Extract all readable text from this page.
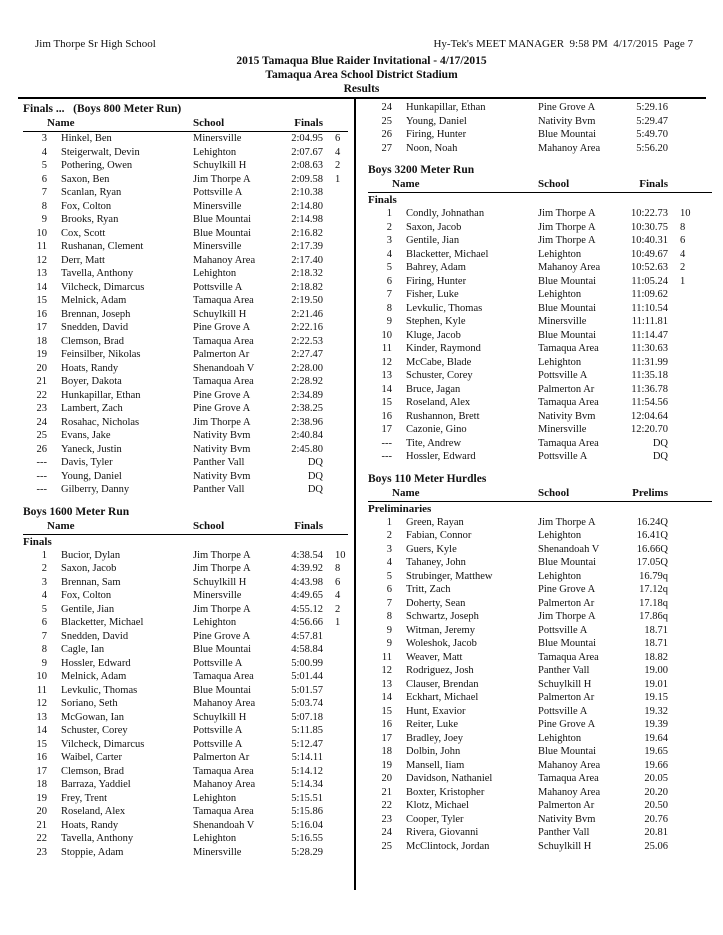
Jim Thorpe Sr High School	Hy-Tek's MEET MANAGER  9:58 PM  4/17/2015  Page 7
2015 Tamaqua Blue Raider Invitational - 4/17/2015
Tamaqua Area School District Stadium
Results
Finals ...   (Boys 800 Meter Run)
Name	School	Finals
3 Hinkel, Ben	Minersville	2:04.95	6
4 Steigerwalt, Devin	Lehighton	2:07.67	4
5 Pothering, Owen	Schuylkill H	2:08.63	2
6 Saxon, Ben	Jim Thorpe A	2:09.58	1
7 Scanlan, Ryan	Pottsville A	2:10.38
8 Fox, Colton	Minersville	2:14.80
9 Brooks, Ryan	Blue Mountai	2:14.98
10 Cox, Scott	Blue Mountai	2:16.82
11 Rushanan, Clement	Minersville	2:17.39
12 Derr, Matt	Mahanoy Area	2:17.40
13 Tavella, Anthony	Lehighton	2:18.32
14 Vilcheck, Dimarcus	Pottsville A	2:18.82
15 Melnick, Adam	Tamaqua Area	2:19.50
16 Brennan, Joseph	Schuylkill H	2:21.46
17 Snedden, David	Pine Grove A	2:22.16
18 Clemson, Brad	Tamaqua Area	2:22.53
19 Feinsilber, Nikolas	Palmerton Ar	2:27.47
20 Hoats, Randy	Shenandoah V	2:28.00
21 Boyer, Dakota	Tamaqua Area	2:28.92
22 Hunkapillar, Ethan	Pine Grove A	2:34.89
23 Lambert, Zach	Pine Grove A	2:38.25
24 Rosahac, Nicholas	Jim Thorpe A	2:38.96
25 Evans, Jake	Nativity Bvm	2:40.84
26 Yaneck, Justin	Nativity Bvm	2:45.80
--- Davis, Tyler	Panther Vall	DQ
--- Young, Daniel	Nativity Bvm	DQ
--- Gilberry, Danny	Panther Vall	DQ
Boys 1600 Meter Run
Name	School	Finals
Finals
1 Bucior, Dylan	Jim Thorpe A	4:38.54	10
2 Saxon, Jacob	Jim Thorpe A	4:39.92	8
3 Brennan, Sam	Schuylkill H	4:43.98	6
4 Fox, Colton	Minersville	4:49.65	4
5 Gentile, Jian	Jim Thorpe A	4:55.12	2
6 Blacketter, Michael	Lehighton	4:56.66	1
7 Snedden, David	Pine Grove A	4:57.81
8 Cagle, Ian	Blue Mountai	4:58.84
9 Hossler, Edward	Pottsville A	5:00.99
10 Melnick, Adam	Tamaqua Area	5:01.44
11 Levkulic, Thomas	Blue Mountai	5:01.57
12 Soriano, Seth	Mahanoy Area	5:03.74
13 McGowan, Ian	Schuylkill H	5:07.18
14 Schuster, Corey	Pottsville A	5:11.85
15 Vilcheck, Dimarcus	Pottsville A	5:12.47
16 Waibel, Carter	Palmerton Ar	5:14.11
17 Clemson, Brad	Tamaqua Area	5:14.12
18 Barraza, Yaddiel	Mahanoy Area	5:14.34
19 Frey, Trent	Lehighton	5:15.51
20 Roseland, Alex	Tamaqua Area	5:15.86
21 Hoats, Randy	Shenandoah V	5:16.04
22 Tavella, Anthony	Lehighton	5:16.55
23 Stoppie, Adam	Minersville	5:28.29
24 Hunkapillar, Ethan	Pine Grove A	5:29.16
25 Young, Daniel	Nativity Bvm	5:29.47
26 Firing, Hunter	Blue Mountai	5:49.70
27 Noon, Noah	Mahanoy Area	5:56.20
Boys 3200 Meter Run
Name	School	Finals
Finals
1 Condly, Johnathan	Jim Thorpe A	10:22.73	10
2 Saxon, Jacob	Jim Thorpe A	10:30.75	8
3 Gentile, Jian	Jim Thorpe A	10:40.31	6
4 Blacketter, Michael	Lehighton	10:49.67	4
5 Bahrey, Adam	Mahanoy Area	10:52.63	2
6 Firing, Hunter	Blue Mountai	11:05.24	1
7 Fisher, Luke	Lehighton	11:09.62
8 Levkulic, Thomas	Blue Mountai	11:10.54
9 Stephen, Kyle	Minersville	11:11.81
10 Kluge, Jacob	Blue Mountai	11:14.47
11 Kinder, Raymond	Tamaqua Area	11:30.63
12 McCabe, Blade	Lehighton	11:31.99
13 Schuster, Corey	Pottsville A	11:35.18
14 Bruce, Jagan	Palmerton Ar	11:36.78
15 Roseland, Alex	Tamaqua Area	11:54.56
16 Rushannon, Brett	Nativity Bvm	12:04.64
17 Cazonie, Gino	Minersville	12:20.70
--- Tite, Andrew	Tamaqua Area	DQ
--- Hossler, Edward	Pottsville A	DQ
Boys 110 Meter Hurdles
Name	School	Prelims
Preliminaries
1 Green, Rayan	Jim Thorpe A	16.24Q
2 Fabian, Connor	Lehighton	16.41Q
3 Guers, Kyle	Shenandoah V	16.66Q
4 Tahaney, John	Blue Mountai	17.05Q
5 Strubinger, Matthew	Lehighton	16.79q
6 Tritt, Zach	Pine Grove A	17.12q
7 Doherty, Sean	Palmerton Ar	17.18q
8 Schwartz, Joseph	Jim Thorpe A	17.86q
9 Witman, Jeremy	Pottsville A	18.71
9 Woleshok, Jacob	Blue Mountai	18.71
11 Weaver, Matt	Tamaqua Area	18.82
12 Rodriguez, Josh	Panther Vall	19.00
13 Clauser, Brendan	Schuylkill H	19.01
14 Eckhart, Michael	Palmerton Ar	19.15
15 Hunt, Exavior	Pottsville A	19.32
16 Reiter, Luke	Pine Grove A	19.39
17 Bradley, Joey	Lehighton	19.64
18 Dolbin, John	Blue Mountai	19.65
19 Mansell, Iiam	Mahanoy Area	19.66
20 Davidson, Nathaniel	Tamaqua Area	20.05
21 Boxter, Kristopher	Mahanoy Area	20.20
22 Klotz, Michael	Palmerton Ar	20.50
23 Cooper, Tyler	Nativity Bvm	20.76
24 Rivera, Giovanni	Panther Vall	20.81
25 McClintock, Jordan	Schuylkill H	25.06
